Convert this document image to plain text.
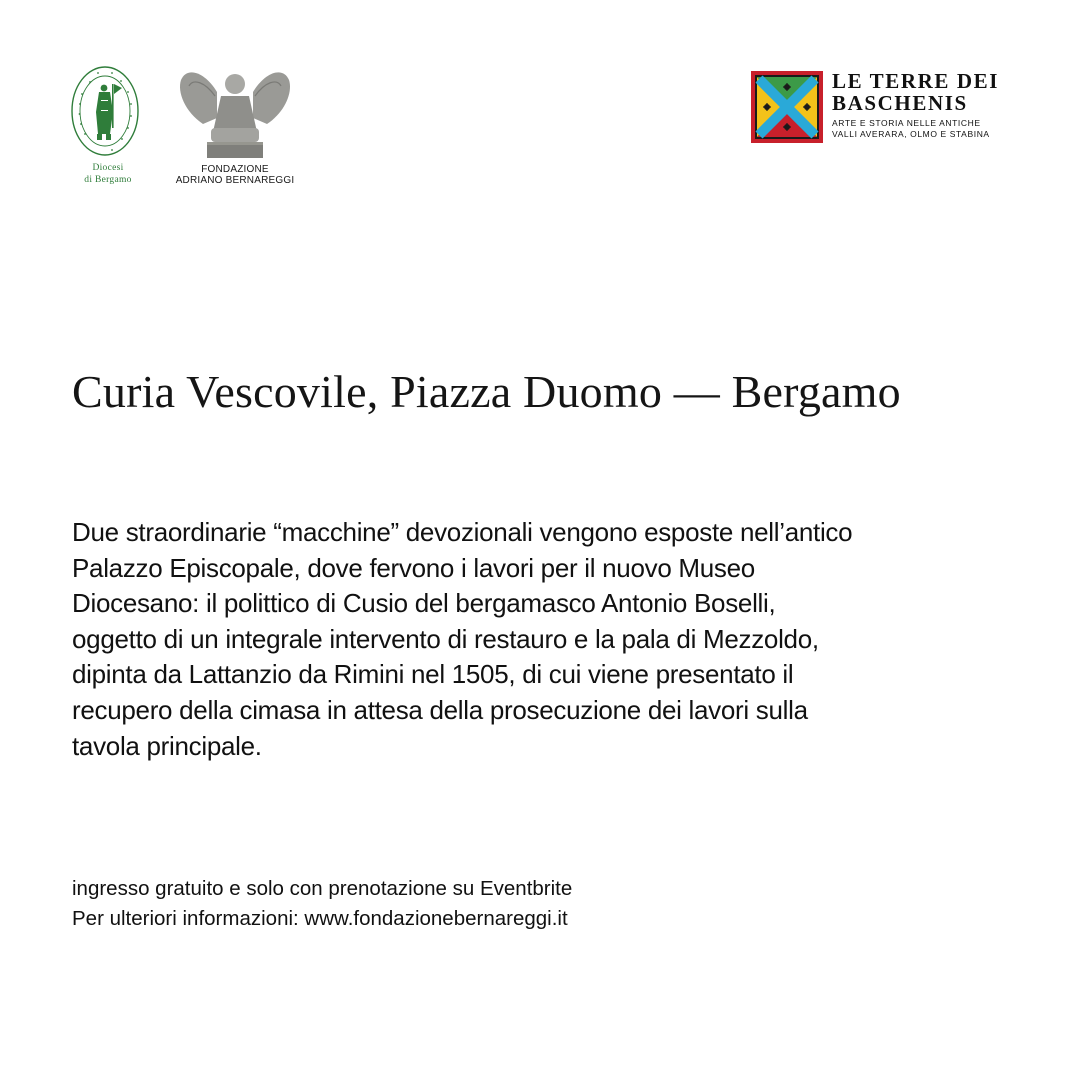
Diocesi
di Bergamo
FONDAZIONE
ADRIANO BERNAREGGI
LE TERRE DEI
BASCHENIS
ARTE E STORIA NELLE ANTICHE
VALLI AVERARA, OLMO E STABINA
Curia Vescovile, Piazza Duomo — Bergamo

Due straordinarie “macchine” devozionali vengono esposte nell’antico Palazzo Episcopale, dove fervono i lavori per il nuovo Museo Diocesano: il polittico di Cusio del bergamasco Antonio Boselli, oggetto di un integrale intervento di restauro e la pala di Mezzoldo, dipinta da Lattanzio da Rimini nel 1505, di cui viene presentato il recupero della cimasa in attesa della prosecuzione dei lavori sulla tavola principale.

ingresso gratuito e solo con prenotazione su Eventbrite
Per ulteriori informazioni: www.fondazionebernareggi.it
